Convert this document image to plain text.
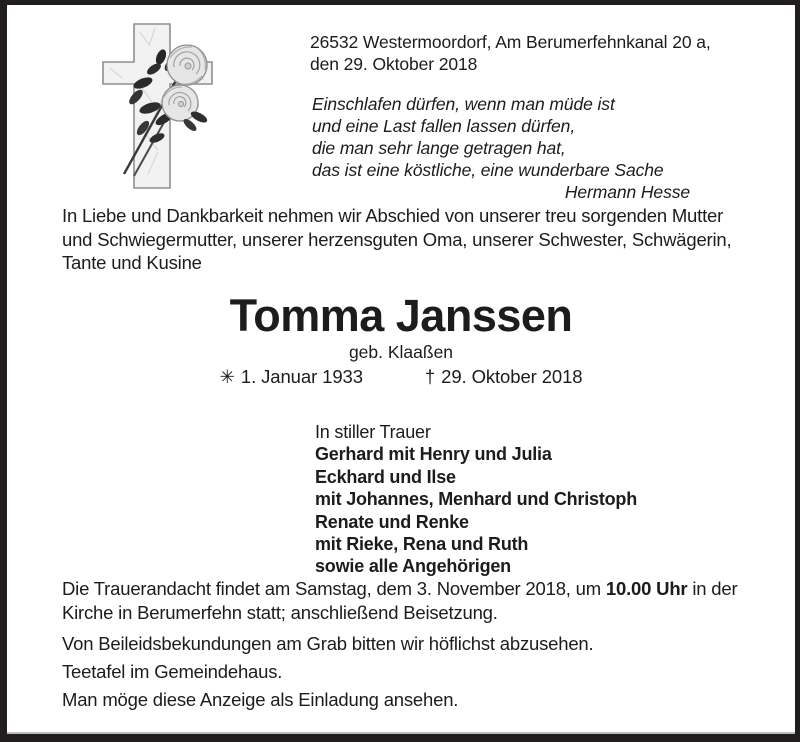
26532 Westermoordorf, Am Berumerfehnkanal 20 a,
den 29. Oktober 2018
Einschlafen dürfen, wenn man müde ist
und eine Last fallen lassen dürfen,
die man sehr lange getragen hat,
das ist eine köstliche, eine wunderbare Sache
Hermann Hesse
In Liebe und Dankbarkeit nehmen wir Abschied von unserer treu sorgenden Mutter
und Schwiegermutter, unserer herzensguten Oma, unserer Schwester, Schwägerin,
Tante und Kusine
Tomma Janssen
geb. Klaaßen
✳ 1. Januar 1933	† 29. Oktober 2018
In stiller Trauer
Gerhard mit Henry und Julia
Eckhard und Ilse
mit Johannes, Menhard und Christoph
Renate und Renke
mit Rieke, Rena und Ruth
sowie alle Angehörigen
Die Trauerandacht findet am Samstag, dem 3. November 2018, um 10.00 Uhr in der
Kirche in Berumerfehn statt; anschließend Beisetzung.
Von Beileidsbekundungen am Grab bitten wir höflichst abzusehen.
Teetafel im Gemeindehaus.
Man möge diese Anzeige als Einladung ansehen.
